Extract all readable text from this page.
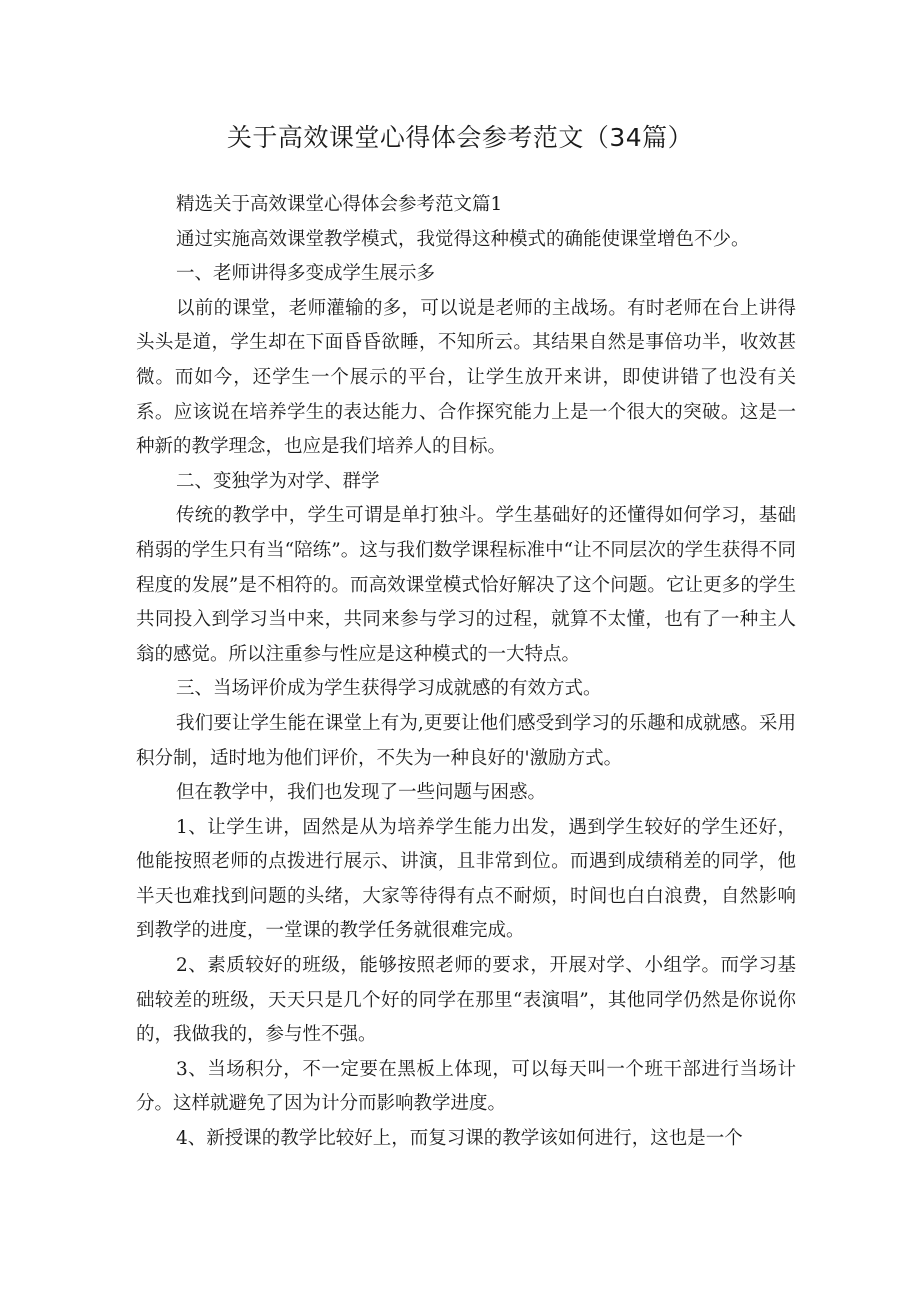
关于高效课堂心得体会参考范文（34篇）

精选关于高效课堂心得体会参考范文篇1

通过实施高效课堂教学模式，我觉得这种模式的确能使课堂增色不少。

一、老师讲得多变成学生展示多

以前的课堂，老师灌输的多，可以说是老师的主战场。有时老师在台上讲得头头是道，学生却在下面昏昏欲睡，不知所云。其结果自然是事倍功半，收效甚微。而如今，还学生一个展示的平台，让学生放开来讲，即使讲错了也没有关系。应该说在培养学生的表达能力、合作探究能力上是一个很大的突破。这是一种新的教学理念，也应是我们培养人的目标。

二、变独学为对学、群学

传统的教学中，学生可谓是单打独斗。学生基础好的还懂得如何学习，基础稍弱的学生只有当“陪练”。这与我们数学课程标准中“让不同层次的学生获得不同程度的发展”是不相符的。而高效课堂模式恰好解决了这个问题。它让更多的学生共同投入到学习当中来，共同来参与学习的过程，就算不太懂，也有了一种主人翁的感觉。所以注重参与性应是这种模式的一大特点。

三、当场评价成为学生获得学习成就感的有效方式。

我们要让学生能在课堂上有为,更要让他们感受到学习的乐趣和成就感。采用积分制，适时地为他们评价，不失为一种良好的'激励方式。

但在教学中，我们也发现了一些问题与困惑。

1、让学生讲，固然是从为培养学生能力出发，遇到学生较好的学生还好，他能按照老师的点拨进行展示、讲演，且非常到位。而遇到成绩稍差的同学，他半天也难找到问题的头绪，大家等待得有点不耐烦，时间也白白浪费，自然影响到教学的进度，一堂课的教学任务就很难完成。

2、素质较好的班级，能够按照老师的要求，开展对学、小组学。而学习基础较差的班级，天天只是几个好的同学在那里“表演唱”，其他同学仍然是你说你的，我做我的，参与性不强。

3、当场积分，不一定要在黑板上体现，可以每天叫一个班干部进行当场计分。这样就避免了因为计分而影响教学进度。

4、新授课的教学比较好上，而复习课的教学该如何进行，这也是一个
